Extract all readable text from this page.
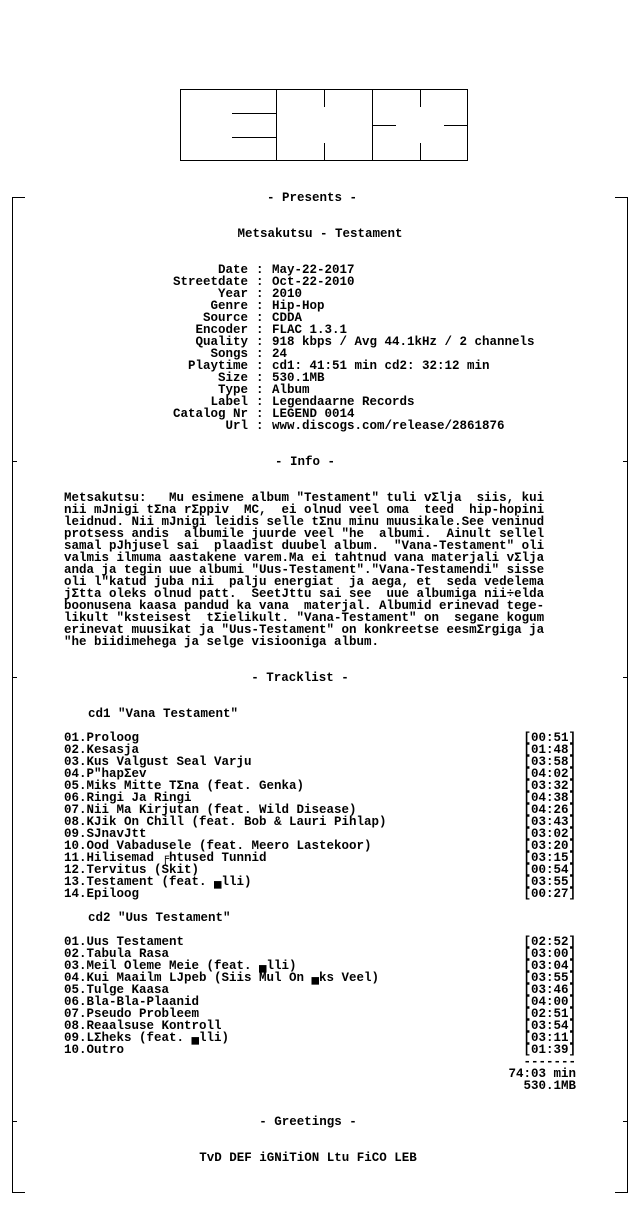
- Presents -
Metsakutsu - Testament
Date : May-22-2017
Streetdate : Oct-22-2010
Year : 2010
Genre : Hip-Hop
Source : CDDA
Encoder : FLAC 1.3.1
Quality : 918 kbps / Avg 44.1kHz / 2 channels
Songs : 24
Playtime : cd1: 41:51 min cd2: 32:12 min
Size : 530.1MB
Type : Album
Label : Legendaarne Records
Catalog Nr : LEGEND 0014
Url : www.discogs.com/release/2861876
- Info -
Metsakutsu:   Mu esimene album "Testament" tuli vΣlja  siis, kui
nii mJnigi tΣna rΣppiv  MC,  ei olnud veel oma  teed  hip-hopini
leidnud. Nii mJnigi leidis selle tΣnu minu muusikale.See veninud
protsess andis  albumile juurde veel "he  albumi.  Ainult sellel
samal pJhjusel sai  plaadist duubel album.  "Vana-Testament" oli
valmis ilmuma aastakene varem.Ma ei tahtnud vana materjali vΣlja
anda ja tegin uue albumi "Uus-Testament"."Vana-Testamendi" sisse
oli l"katud juba nii  palju energiat  ja aega, et  seda vedelema
jΣtta oleks olnud patt.  SeetJttu sai see  uue albumiga nii÷elda
boonusena kaasa pandud ka vana  materjal. Albumid erinevad tege-
likult "ksteisest  tΣielikult. "Vana-Testament" on  segane kogum
erinevat muusikat ja "Uus-Testament" on konkreetse eesmΣrgiga ja
"he biidimehega ja selge visiooniga album.
- Tracklist -
cd1 "Vana Testament"
01.Proloog	[00:51]
02.Kesasja	[01:48]
03.Kus Valgust Seal Varju	[03:58]
04.P"hapΣev	[04:02]
05.Miks Mitte TΣna (feat. Genka)	[03:32]
06.Ringi Ja Ringi	[04:38]
07.Nii Ma Kirjutan (feat. Wild Disease)	[04:26]
08.KJik On Chill (feat. Bob & Lauri Pihlap)	[03:43]
09.SJnavJtt	[03:02]
10.Ood Vabadusele (feat. Meero Lastekoor)	[03:20]
11.Hilisemad ╒htused Tunnid	[03:15]
12.Tervitus (Skit)	[00:54]
13.Testament (feat. ▄lli)	[03:55]
14.Epiloog	[00:27]
cd2 "Uus Testament"
01.Uus Testament	[02:52]
02.Tabula Rasa	[03:00]
03.Meil Oleme Meie (feat. ▄lli)	[03:04]
04.Kui Maailm LJpeb (Siis Mul On ▄ks Veel)	[03:55]
05.Tulge Kaasa	[03:46]
06.Bla-Bla-Plaanid	[04:00]
07.Pseudo Probleem	[02:51]
08.Reaalsuse Kontroll	[03:54]
09.LΣheks (feat. ▄lli)	[03:11]
10.Outro	[01:39]
-------
74:03 min
530.1MB
- Greetings -
TvD DEF iGNiTiON Ltu FiCO LEB
